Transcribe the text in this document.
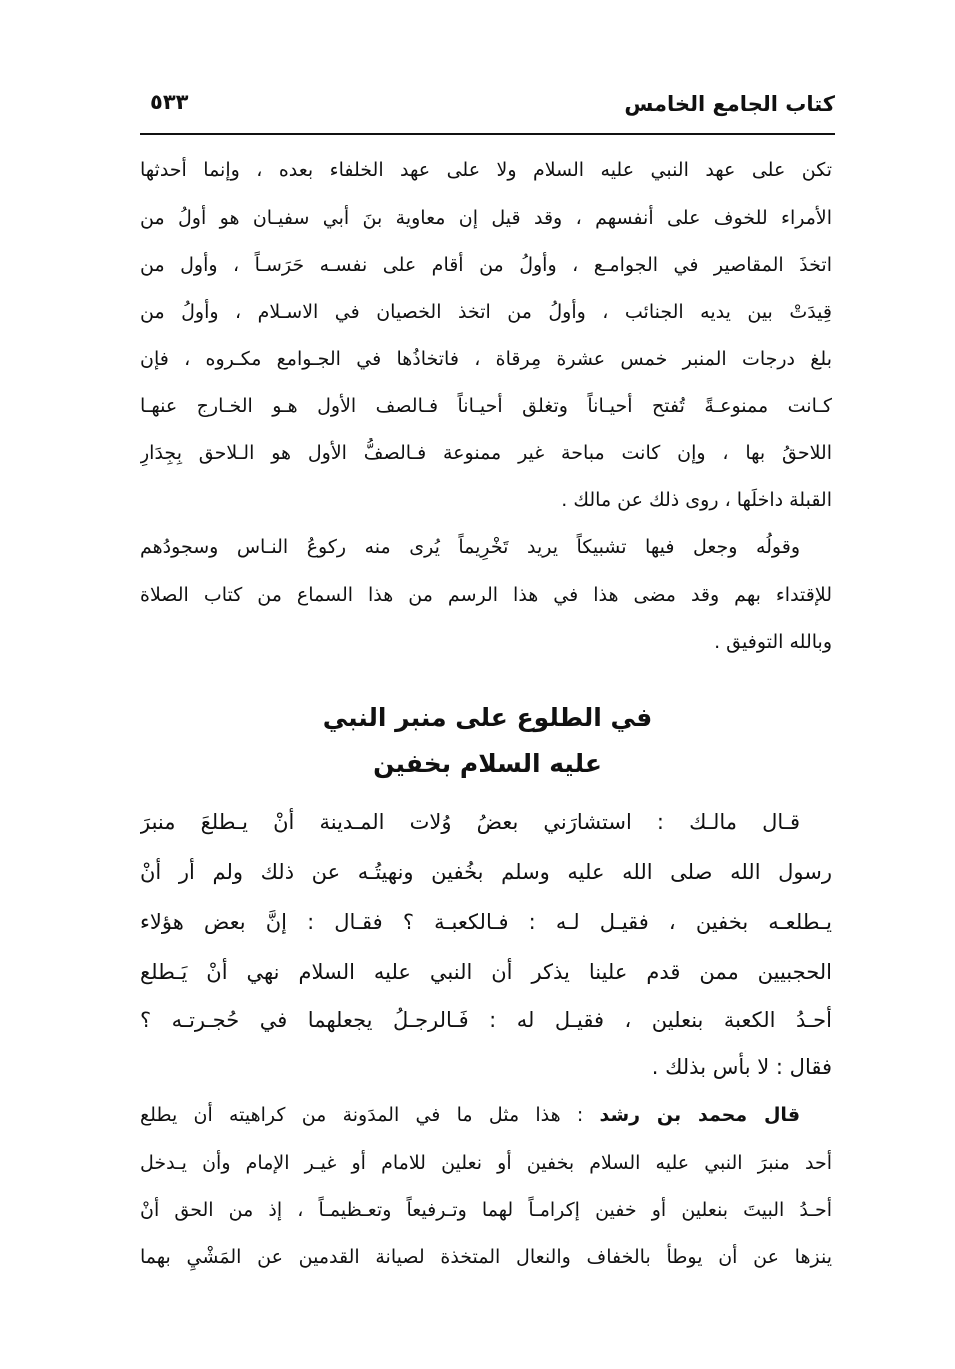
كتاب الجامع الخامس
٥٣٣
تكن على عهد النبي عليه السلام ولا على عهد الخلفاء بعده ، وإنما أحدثها
الأمراء للخوف على أنفسهم ، وقد قيل إن معاوية بنَ أبي سفيـان هو أولُ من
اتخذَ المقاصير في الجوامـع ، وأولُ من أقام على نفسـه حَرَسـاً ، وأول من
قِيدَتْ بين يديه الجنائب ، وأولُ من اتخذ الخصيان في الاسـلام ، وأولُ من
بلغ درجات المنبر خمس عشرة مِرقاة ، فاتخاذُها في الجـوامع مكـروه ، فإن
كـانت ممنوعـةً تُفتح أحيـاناً وتغلق أحيـاناً فـالصف الأول هـو الخـارج عنهـا
اللاحقُ بها ، وإن كانت مباحة غير ممنوعة فـالصفُّ الأول هو الـلاحق بِجِدَارِ
القبلة داخلَها ، روى ذلك عن مالك .
وقولُه وجعل فيها تشبيكاً يريد تَخْرِيماً يُرى منه ركوعُ النـاس وسجودُهم
للإقتداء بهم وقد مضى هذا في هذا الرسم من هذا السماع من كتاب الصلاة
وبالله التوفيق .
في الطلوع على منبر النبي
عليه السلام بخفين
قـال مالـك : استشارَني بعضُ وُلات المـدينة أنْ يـطلعَ منبرَ
رسول الله صلى الله عليه وسلم بخُفين ونهيتُـه عن ذلك ولم أر أنْ
يـطلعـه بخفين ، فقيـل لـه : فـالكعبـة ؟ فقـال : إنَّ بعض هؤلاء
الحجبيين ممن قدم علينا يذكر أن النبي عليه السلام نهي أنْ يَـطلع
أحـدُ الكعبة بنعلين ، فقيـل له : فَـالرجـلُ يجعلهما في حُجـرتـه ؟
فقال : لا بأس بذلك .
قال محمد بن رشد : هذا مثل ما في المدَونة من كراهيته أن يطلع
أحد منبرَ النبي عليه السلام بخفين أو نعلين للامام أو غيـر الإمام وأن يـدخل
أحـدُ البيتَ بنعلين أو خفين إكرامـاً لهما وتـرفيعاً وتعـظيمـاً ، إذ من الحق أنْ
ينزها عن أن يوطأ بالخفاف والنعال المتخذة لصيانة القدمين عن المَشْيِ بهما
